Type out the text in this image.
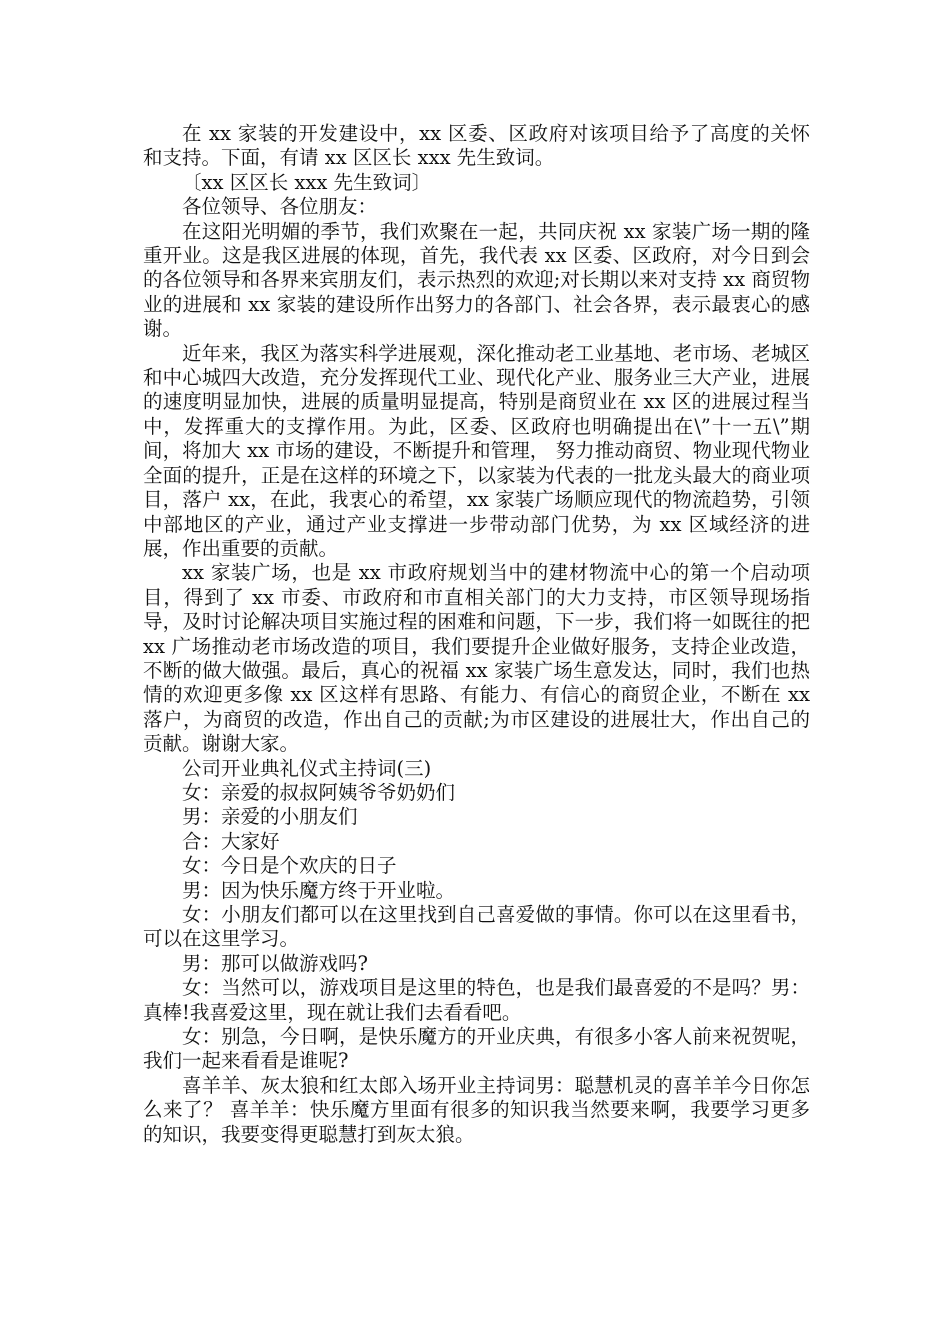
在 xx 家装的开发建设中，xx 区委、区政府对该项目给予了高度的关怀和支持。下面，有请 xx 区区长 xxx 先生致词。

〔xx 区区长 xxx 先生致词〕

各位领导、各位朋友：

在这阳光明媚的季节，我们欢聚在一起，共同庆祝 xx 家装广场一期的隆重开业。这是我区进展的体现，首先，我代表 xx 区委、区政府，对今日到会的各位领导和各界来宾朋友们，表示热烈的欢迎;对长期以来对支持 xx 商贸物业的进展和 xx 家装的建设所作出努力的各部门、社会各界，表示最衷心的感谢。

近年来，我区为落实科学进展观，深化推动老工业基地、老市场、老城区和中心城四大改造，充分发挥现代工业、现代化产业、服务业三大产业，进展的速度明显加快，进展的质量明显提高，特别是商贸业在 xx 区的进展过程当中，发挥重大的支撑作用。为此，区委、区政府也明确提出在\”十一五\”期间，将加大 xx 市场的建设，不断提升和管理， 努力推动商贸、物业现代物业全面的提升，正是在这样的环境之下，以家装为代表的一批龙头最大的商业项目，落户 xx，在此，我衷心的希望，xx 家装广场顺应现代的物流趋势，引领中部地区的产业，通过产业支撑进一步带动部门优势，为 xx 区域经济的进展，作出重要的贡献。

xx 家装广场，也是 xx 市政府规划当中的建材物流中心的第一个启动项目，得到了 xx 市委、市政府和市直相关部门的大力支持，市区领导现场指导，及时讨论解决项目实施过程的困难和问题，下一步，我们将一如既往的把 xx 广场推动老市场改造的项目，我们要提升企业做好服务，支持企业改造，不断的做大做强。最后，真心的祝福 xx 家装广场生意发达，同时，我们也热情的欢迎更多像 xx 区这样有思路、有能力、有信心的商贸企业，不断在 xx 落户，为商贸的改造，作出自己的贡献;为市区建设的进展壮大，作出自己的贡献。谢谢大家。

公司开业典礼仪式主持词(三)

女：亲爱的叔叔阿姨爷爷奶奶们

男：亲爱的小朋友们

合：大家好

女：今日是个欢庆的日子

男：因为快乐魔方终于开业啦。

女：小朋友们都可以在这里找到自己喜爱做的事情。你可以在这里看书，可以在这里学习。

男：那可以做游戏吗?

女：当然可以，游戏项目是这里的特色，也是我们最喜爱的不是吗？男：真棒!我喜爱这里，现在就让我们去看看吧。

女：别急，今日啊，是快乐魔方的开业庆典，有很多小客人前来祝贺呢，我们一起来看看是谁呢?

喜羊羊、灰太狼和红太郎入场开业主持词男：聪慧机灵的喜羊羊今日你怎么来了？ 喜羊羊：快乐魔方里面有很多的知识我当然要来啊，我要学习更多的知识，我要变得更聪慧打到灰太狼。
